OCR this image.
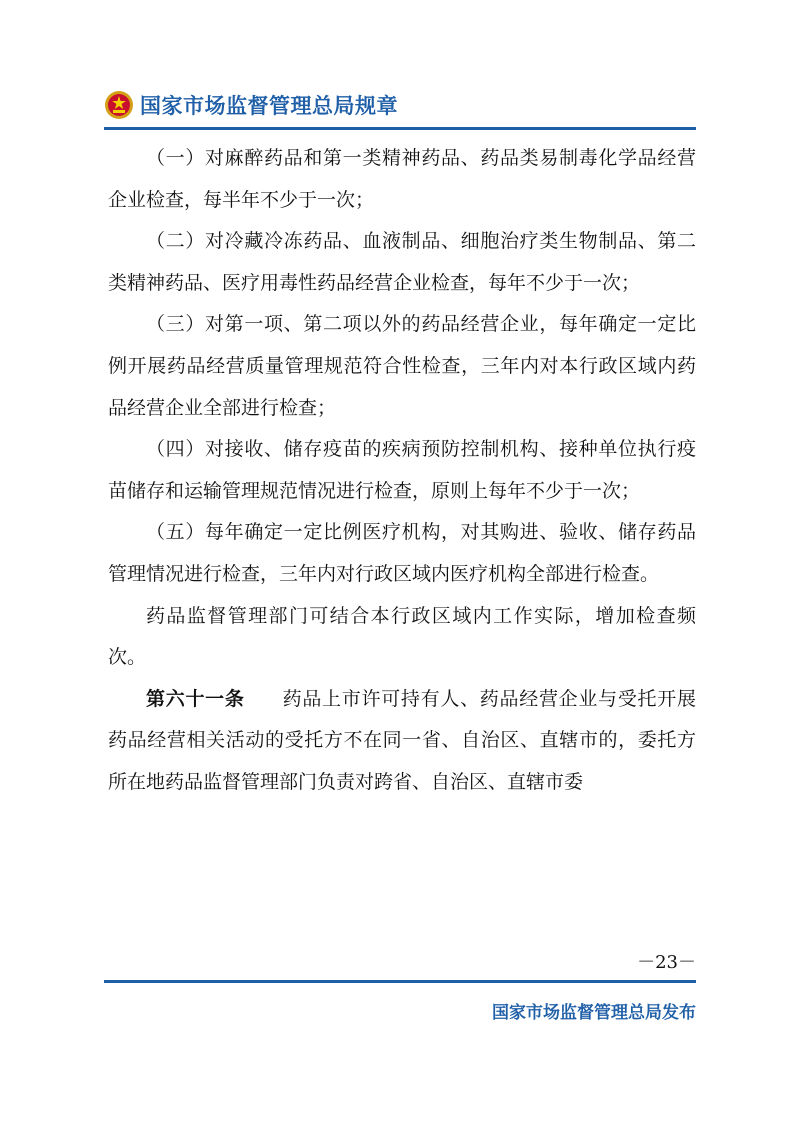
国家市场监督管理总局规章

（一）对麻醉药品和第一类精神药品、药品类易制毒化学品经营企业检查，每半年不少于一次；

（二）对冷藏冷冻药品、血液制品、细胞治疗类生物制品、第二类精神药品、医疗用毒性药品经营企业检查，每年不少于一次；

（三）对第一项、第二项以外的药品经营企业，每年确定一定比例开展药品经营质量管理规范符合性检查，三年内对本行政区域内药品经营企业全部进行检查；

（四）对接收、储存疫苗的疾病预防控制机构、接种单位执行疫苗储存和运输管理规范情况进行检查，原则上每年不少于一次；

（五）每年确定一定比例医疗机构，对其购进、验收、储存药品管理情况进行检查，三年内对行政区域内医疗机构全部进行检查。

药品监督管理部门可结合本行政区域内工作实际，增加检查频次。

第六十一条 药品上市许可持有人、药品经营企业与受托开展药品经营相关活动的受托方不在同一省、自治区、直辖市的，委托方所在地药品监督管理部门负责对跨省、自治区、直辖市委

－23－
国家市场监督管理总局发布
